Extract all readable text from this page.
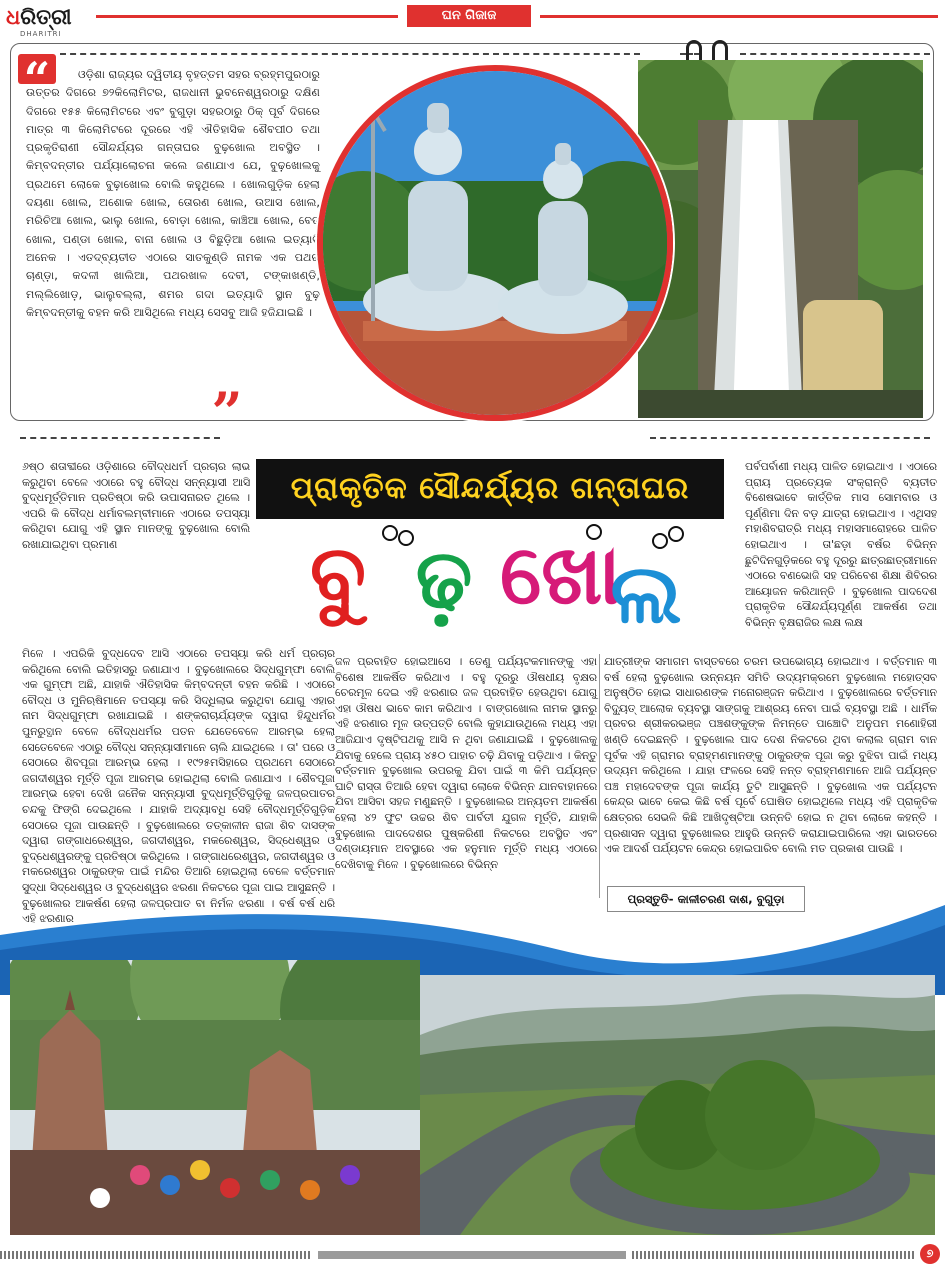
ଧରିତ୍ରୀ
DHARITRI
ଘନ ଗିଜାଜ
“
”

ଓଡ଼ିଶା ରାଜ୍ୟର ଦ୍ୱିତୀୟ ବୃହତ୍ତମ ସହର ବ୍ରହ୍ମପୁରଠାରୁ ଉତ୍ତର ଦିଗରେ ୭୨କିଲୋମିଟର, ରାଜଧାନୀ ଭୁବନେଶ୍ୱରଠାରୁ ଦକ୍ଷିଣ ଦିଗରେ ୧୫୫ କିଲୋମିଟରେ ଏବଂ ବୁଗୁଡ଼ା ସହରଠାରୁ ଠିକ୍ ପୂର୍ବ ଦିଗରେ ମାତ୍ର ୩ କିଲୋମିଟରେ ଦୂରରେ ଏହି ଐତିହାସିକ ଶୈବପୀଠ ତଥା ପ୍ରକୃତିରାଣୀ ସୌନ୍ଦର୍ଯ୍ୟର ଗନ୍ତାଘର ବୁଢ଼ଖୋଲ ଅବସ୍ଥିତ । କିମ୍ବଦନ୍ତୀର ପର୍ଯ୍ୟାଲୋଚନା କଲେ ଜଣାଯାଏ ଯେ, ବୁଢ଼ଖୋଲକୁ ପ୍ରଥମେ ଲୋକେ ବୁଢ଼ାଖୋଲ ବୋଲି କହୁଥିଲେ । ଖୋଲଗୁଡ଼ିକ ହେଲା ଦୟଣା ଖୋଲ, ଅଶୋକ ଖୋଲ, ତୋରଣ ଖୋଲ, ଉଆସ ଖୋଲ, ମରିଚିଆ ଖୋଲ, ଭାଲୁ ଖୋଲ, ବୋଡ଼ା ଖୋଲ, କାଞ୍ଚିଆ ଖୋଲ, ବେତ ଖୋଲ, ପଣ୍ଡା ଖୋଲ, ବାନା ଖୋଲ ଓ ବିଛୁଡ଼ିଆ ଖୋଲ ଇତ୍ୟାଦି ଅନେକ । ଏତଦ୍ବ୍ୟତୀତ ଏଠାରେ ସାତକୁଣ୍ଡି ନାମକ ଏକ ପଥର ଚାଣ୍ଡ଼ା, କଦଳୀ ଖାଲିଆ, ପଥରଖାଳ ଦେବୀ, ଟଙ୍କାଖଣ୍ଡି, ମଲ୍ଲିଖୋଡ଼, ଭାଲୁବଲ୍ଲା, ଶମର ଗଦା ଇତ୍ୟାଦି ସ୍ଥାନ ବୁଢ଼ କିମ୍ବଦନ୍ତୀକୁ ବହନ କରି ଆସିଥିଲେ ମଧ୍ୟ ସେସବୁ ଆଜି ହଜିଯାଇଛି ।

ପ୍ରାକୃତିକ ସୌନ୍ଦର୍ଯ୍ୟର ଗନ୍ତାଘର
ବୁ ଢ଼ ଖୋ
ଲ

୬ଷ୍ଠ ଶତାବ୍ଦୀରେ ଓଡ଼ିଶାରେ ବୌଦ୍ଧଧର୍ମ ପ୍ରଚାର ଲାଭ କରୁଥିବା ବେଳେ ଏଠାରେ ବହୁ ବୌଦ୍ଧ ସନ୍ନ୍ୟାସୀ ଆସି ବୁଦ୍ଧମୂର୍ତ୍ତିମାନ ପ୍ରତିଷ୍ଠା କରି ଉପାସନାରତ ଥିଲେ । ଏପରି କି ବୌଦ୍ଧ ଧର୍ମାବଲମ୍ବୀମାନେ ଏଠାରେ ତପସ୍ୟା କରିଥିବା ଯୋଗୁ ଏହି ସ୍ଥାନ ମାନଙ୍କୁ ବୁଢ଼ଖୋଲ ବୋଲି ରଖାଯାଇଥିବା ପ୍ରମାଣ

ମିଳେ । ଏପରିକି ବୁଦ୍ଧଦେବ ଆସି ଏଠାରେ ତପସ୍ୟା କରି ଧର୍ମ ପ୍ରଚାର କରିଥିଲେ ବୋଲି ଇତିହାସରୁ ଜଣାଯାଏ । ବୁଢ଼ଖୋଲରେ ସିଦ୍ଧଗୁମ୍ଫା ବୋଲି ଏକ ଗୁମ୍ଫା ଅଛି, ଯାହାକି ଐତିହାସିକ କିମ୍ବଦନ୍ତୀ ବହନ କରିଛି । ଏଠାରେ ବୌଦ୍ଧ ଓ ମୁନିଋଷିମାନେ ତପସ୍ୟା କରି ସିଦ୍ଧିଲାଭ କରୁଥିବା ଯୋଗୁ ଏହାର ନାମ ସିଦ୍ଧଗୁମ୍ଫା ରଖାଯାଇଛି । ଶଙ୍କରାଚାର୍ଯ୍ୟଙ୍କ ଦ୍ୱାରା ହିନ୍ଦୁଧର୍ମର ପୁନରୁତ୍ଥାନ ବେଳେ ବୌଦ୍ଧଧର୍ମର ପତନ ଯେତେବେଳେ ଆରମ୍ଭ ହେଲା ସେତେବେଳେ ଏଠାରୁ ବୌଦ୍ଧ ସନ୍ନ୍ୟାସୀମାନେ ଚାଲି ଯାଇଥିଲେ । ତା' ପରେ ଓ ସେଠାରେ ଶିବପୂଜା ଆରମ୍ଭ ହେଲା । ୧୯୨୫ମସିହାରେ ପ୍ରଥମେ ସେଠାରେ ଜଗଦୀଶ୍ୱର ମୂର୍ତ୍ତି ପୂଜା ଆରମ୍ଭ ହୋଇଥିଲା ବୋଲି ଜଣାଯାଏ । ଶୈବପୂଜା ଆରମ୍ଭ ହେବା ଦେଖି ଜନୈକ ସନ୍ନ୍ୟାସୀ ବୁଦ୍ଧମୂର୍ତ୍ତିଗୁଡ଼ିକୁ ଜଳପ୍ରପାତର ଚନ୍ଦକୁ ଫିଙ୍ଗି ଦେଇଥିଲେ । ଯାହାକି ଅଦ୍ୟାବଧି ସେହି ବୌଦ୍ଧମୂର୍ତ୍ତିଗୁଡ଼ିକ ସେଠାରେ ପୂଜା ପାଉଛନ୍ତି । ବୁଢ଼ଖୋଲରେ ତତ୍କାଳୀନ ରାଜା ଶିବ ଦାସଙ୍କ ଦ୍ୱାରା ଗଙ୍ଗାଧରେଶ୍ୱର, ଜଗଦୀଶ୍ୱର, ମକରେଶ୍ୱର, ସିଦ୍ଧେଶ୍ୱର ଓ ବୁଦ୍ଧେଶ୍ୱରଙ୍କୁ ପ୍ରତିଷ୍ଠା କରିଥିଲେ । ଗଙ୍ଗାଧରେଶ୍ୱର, ଜଗଦୀଶ୍ୱର ଓ ମକରେଶ୍ୱର ଠାକୁରଙ୍କ ପାଇଁ ମନ୍ଦିର ତିଆରି ହୋଇଥିଲା ବେଳେ ବର୍ତ୍ତମାନ ସୁଦ୍ଧା ସିଦ୍ଧେଶ୍ୱର ଓ ବୁଦ୍ଧେଶ୍ୱର ଝରଣା ନିକଟରେ ପୂଜା ପାଇ ଆସୁଛନ୍ତି । ବୁଢ଼ଖୋଲର ଆକର୍ଷଣ ହେଲା ଜଳପ୍ରପାତ ବା ନିର୍ମଳ ଝରଣା । ବର୍ଷ ବର୍ଷ ଧରି ଏହି ଝରଣାର

ଜଳ ପ୍ରବାହିତ ହୋଇଆସେ । ତେଣୁ ପର୍ଯ୍ୟଟକମାନଙ୍କୁ ଏହା ବିଶେଷ ଆକର୍ଷିତ କରିଥାଏ । ବହୁ ଦୂରରୁ ଔଷଧୀୟ ବୃକ୍ଷର ଚେରମୂଳ ଦେଇ ଏହି ଝରଣାର ଜଳ ପ୍ରବାହିତ ହେଉଥିବା ଯୋଗୁ ଏହା ଔଷଧ ଭାବେ କାମ କରିଥାଏ । ବାଙ୍ଗଖୋଲ ନାମକ ସ୍ଥାନରୁ ଏହି ଝରଣାର ମୂଳ ଉତ୍ପତ୍ତି ବୋଲି କୁହାଯାଉଥିଲେ ମଧ୍ୟ ଏହା ଆଜିଯାଏ ଦୃଷ୍ଟିପଥକୁ ଆସି ନ ଥିବା ଜଣାଯାଇଛି । ବୁଢ଼ଖୋଲକୁ ଯିବାକୁ ହେଲେ ପ୍ରାୟ ୪୫୦ ପାହାଚ ଚଢ଼ି ଯିବାକୁ ପଡ଼ିଥାଏ । କିନ୍ତୁ ବର୍ତ୍ତମାନ ବୁଢ଼ଖୋଲ ଉପରକୁ ଯିବା ପାଇଁ ୩ କିମି ପର୍ଯ୍ୟନ୍ତ ଘାଟି ରାସ୍ତା ତିଆରି ହେବା ଦ୍ୱାରା ଲୋକେ ବିଭିନ୍ନ ଯାନବାହାନରେ ଯିବା ଆସିବା ସହଜ ମଣୁଛନ୍ତି । ବୁଢ଼ଖୋଲର ଅନ୍ୟତମ ଆକର୍ଷଣ ହେଲା ୪୨ ଫୁଟ ଉଚ୍ଚର ଶିବ ପାର୍ବତୀ ଯୁଗଳ ମୂର୍ତ୍ତି, ଯାହାକି ବୁଢ଼ଖୋଲ ପାଦଦେଶର ପୁଷ୍କରିଣୀ ନିକଟରେ ଅବସ୍ଥିତ ଏବଂ ଦଣ୍ଡାୟମାନ ଅବସ୍ଥାରେ ଏକ ହନୁମାନ ମୂର୍ତ୍ତି ମଧ୍ୟ ଏଠାରେ ଦେଖିବାକୁ ମିଳେ । ବୁଢ଼ଖୋଲରେ ବିଭିନ୍ନ

ପର୍ବପର୍ବାଣୀ ମଧ୍ୟ ପାଳିତ ହୋଇଥାଏ । ଏଠାରେ ପ୍ରାୟ ପ୍ରତ୍ୟେକ ସଂକ୍ରାନ୍ତି ବ୍ୟତୀତ ବିଶେଷଭାବେ କାର୍ତ୍ତିକ ମାସ ସୋମବାର ଓ ପୂର୍ଣ୍ଣିମା ଦିନ ବଡ଼ ଯାତ୍ରା ହୋଇଥାଏ । ଏଥିସହ ମହାଶିବରାତ୍ରି ମଧ୍ୟ ମହାସମାରୋହରେ ପାଳିତ ହୋଇଥାଏ । ତା'ଛଡ଼ା ବର୍ଷର ବିଭିନ୍ନ ଛୁଟିଦିନଗୁଡ଼ିକରେ ବହୁ ଦୂରରୁ ଛାତ୍ରଛାତ୍ରୀମାନେ ଏଠାରେ ବଣଭୋଜି ସହ ପରିବେଶ ଶିକ୍ଷା ଶିବିରର ଆୟୋଜନ କରିଥାନ୍ତି । ବୁଢ଼ଖୋଲ ପାଦଦେଶ ପ୍ରାକୃତିକ ସୌନ୍ଦର୍ଯ୍ୟପୂର୍ଣ୍ଣ ଆକର୍ଷଣ ତଥା ବିଭିନ୍ନ ବୃକ୍ଷରାଜିର ଲକ୍ଷ ଲକ୍ଷ

ଯାତ୍ରୀଙ୍କ ସମାଗମ ବାସ୍ତବରେ ଚରମ ଉପଭୋଗ୍ୟ ହୋଇଥାଏ । ବର୍ତ୍ତମାନ ୩ ବର୍ଷ ହେଲା ବୁଢ଼ଖୋଲ ଉନ୍ନୟନ ସମିତି ଉଦ୍ୟମକ୍ରମେ ବୁଢ଼ଖୋଲ ମହୋତ୍ସବ ଅନୁଷ୍ଠିତ ହୋଇ ସାଧାରଣଙ୍କ ମନୋରଞ୍ଜନ କରିଥାଏ । ବୁଢ଼ଖୋଲରେ ବର୍ତ୍ତମାନ ବିଦ୍ୟୁତ୍ ଆଲୋକ ବ୍ୟବସ୍ଥା ସାଙ୍ଗକୁ ଆଶ୍ରୟ ନେବା ପାଇଁ ବ୍ୟବସ୍ଥା ଅଛି । ଧାର୍ମିକ ପ୍ରବର ଶ୍ରୀକରଭଞ୍ଜ ପଞ୍ଚଶଙ୍କୁଙ୍କ ନିମନ୍ତେ ପାଞ୍ଚୋଟି ଅନୁପମ ମଣୋହିରୀ ଖଣ୍ଡି ଦେଇଛନ୍ତି । ବୁଢ଼ଖୋଲ ପାଦ ଦେଶ ନିକଟରେ ଥିବା କଲାଲ ଗ୍ରାମ ବାନ ପୂର୍ବକ ଏହି ଗ୍ରାମର ବ୍ରାହ୍ମଣମାନଙ୍କୁ ଠାକୁରଙ୍କ ପୂଜା କରୁ ବୁଝିବା ପାଇଁ ମଧ୍ୟ ଉଦ୍ୟମ କରିଥିଲେ । ଯାହା ଫଳରେ ସେହି ନନ୍ତ ବ୍ରାହ୍ମଣମାନେ ଆଜି ପର୍ଯ୍ୟନ୍ତ ପଞ୍ଚ ମହାଦେବଙ୍କ ପୂଜା କାର୍ଯ୍ୟ ତୁଟି ଆସୁଛନ୍ତି । ବୁଢ଼ଖୋଲ ଏକ ପର୍ଯ୍ୟଟନ କେନ୍ଦ୍ର ଭାବେ କେଇ କିଛି ବର୍ଷ ପୂର୍ବେ ଘୋଷିତ ହୋଇଥିଲେ ମଧ୍ୟ ଏହି ପ୍ରାକୃତିକ କ୍ଷେତ୍ରର ସେଭଳି କିଛି ଆଖିଦୃଷ୍ଟିଆ ଉନ୍ନତି ହୋଇ ନ ଥିବା ଲୋକେ କହନ୍ତି । ପ୍ରଶାସନ ଦ୍ୱାରା ବୁଢ଼ଖୋଲର ଆହୁରି ଉନ୍ନତି କରାଯାଇପାରିଲେ ଏହା ଭାରତରେ ଏକ ଆଦର୍ଶ ପର୍ଯ୍ୟଟନ କେନ୍ଦ୍ର ହୋଇପାରିବ ବୋଲି ମତ ପ୍ରକାଶ ପାଉଛି ।

ପ୍ରସ୍ତୁତି- କାଳୀଚରଣ ଦାଶ, ବୁଗୁଡ଼ା
୭
